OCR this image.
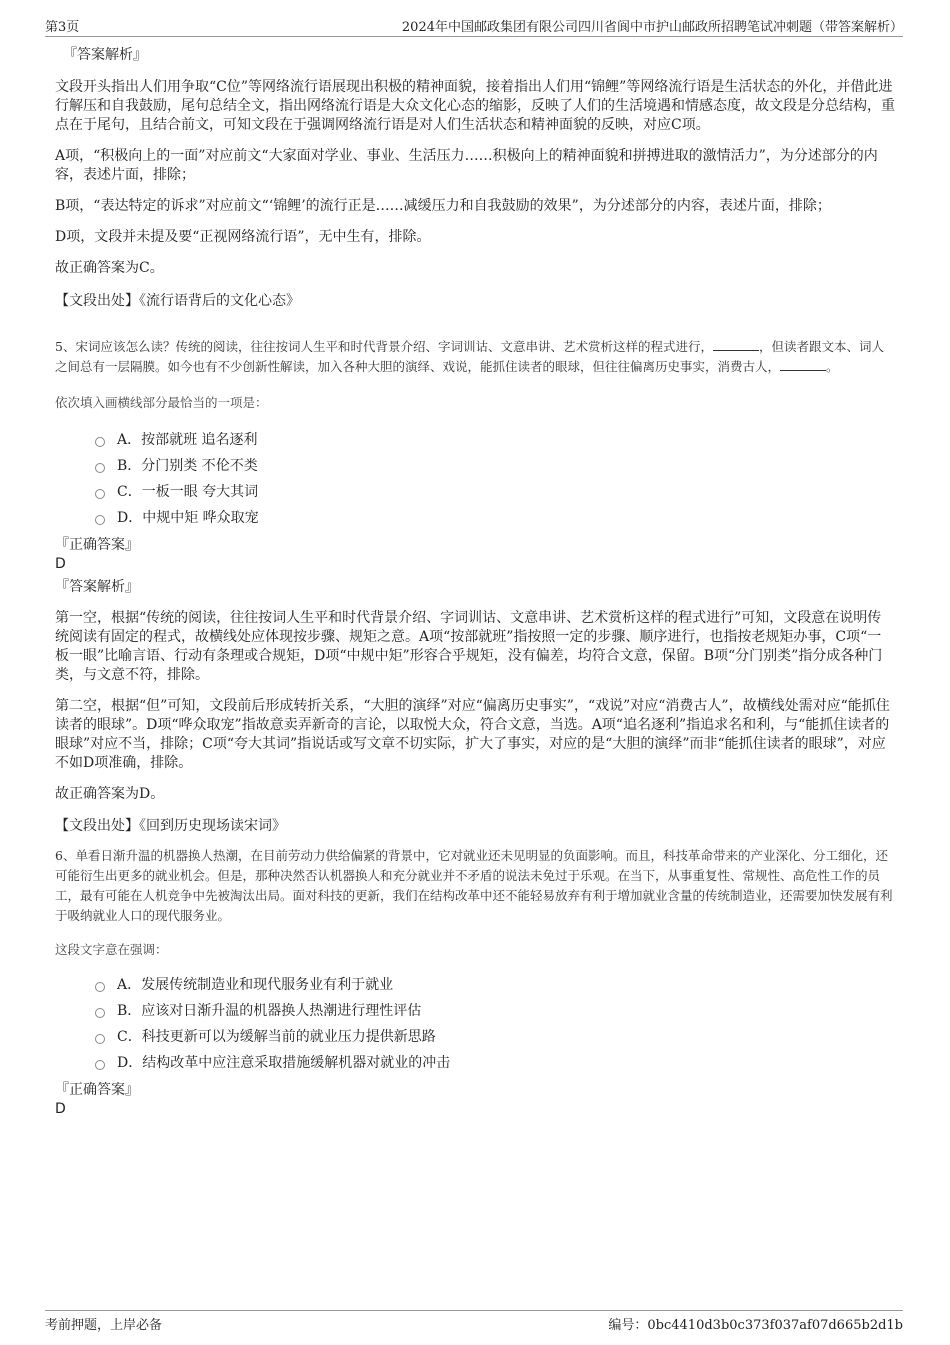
第3页	2024年中国邮政集团有限公司四川省阆中市护山邮政所招聘笔试冲刺题（带答案解析）
『答案解析』

文段开头指出人们用争取“C位”等网络流行语展现出积极的精神面貌，接着指出人们用“锦鲤”等网络流行语是生活状态的外化，并借此进行解压和自我鼓励，尾句总结全文，指出网络流行语是大众文化心态的缩影，反映了人们的生活境遇和情感态度，故文段是分总结构，重点在于尾句，且结合前文，可知文段在于强调网络流行语是对人们生活状态和精神面貌的反映，对应C项。

A项，“积极向上的一面”对应前文“大家面对学业、事业、生活压力……积极向上的精神面貌和拼搏进取的激情活力”，为分述部分的内容，表述片面，排除；

B项，“表达特定的诉求”对应前文“‘锦鲤’的流行正是……减缓压力和自我鼓励的效果”，为分述部分的内容，表述片面，排除；

D项，文段并未提及要“正视网络流行语”，无中生有，排除。

故正确答案为C。

【文段出处】《流行语背后的文化心态》

5、宋词应该怎么读？传统的阅读，往往按词人生平和时代背景介绍、字词训诂、文意串讲、艺术赏析这样的程式进行，	，但读者跟文本、词人之间总有一层隔膜。如今也有不少创新性解读，加入各种大胆的演绎、戏说，能抓住读者的眼球，但往往偏离历史事实，消费古人，	。

依次填入画横线部分最恰当的一项是：
A．按部就班 追名逐利
B．分门别类 不伦不类
C．一板一眼 夸大其词
D．中规中矩 哗众取宠
『正确答案』
D
『答案解析』

第一空，根据“传统的阅读，往往按词人生平和时代背景介绍、字词训诂、文意串讲、艺术赏析这样的程式进行”可知，文段意在说明传统阅读有固定的程式，故横线处应体现按步骤、规矩之意。A项“按部就班”指按照一定的步骤、顺序进行，也指按老规矩办事，C项“一板一眼”比喻言语、行动有条理或合规矩，D项“中规中矩”形容合乎规矩，没有偏差，均符合文意，保留。B项“分门别类”指分成各种门类，与文意不符，排除。

第二空，根据“但”可知，文段前后形成转折关系，“大胆的演绎”对应“偏离历史事实”，“戏说”对应“消费古人”，故横线处需对应“能抓住读者的眼球”。D项“哗众取宠”指故意卖弄新奇的言论，以取悦大众，符合文意，当选。A项“追名逐利”指追求名和利，与“能抓住读者的眼球”对应不当，排除；C项“夸大其词”指说话或写文章不切实际，扩大了事实，对应的是“大胆的演绎”而非“能抓住读者的眼球”，对应不如D项准确，排除。

故正确答案为D。

【文段出处】《回到历史现场读宋词》

6、单看日渐升温的机器换人热潮，在目前劳动力供给偏紧的背景中，它对就业还未见明显的负面影响。而且，科技革命带来的产业深化、分工细化，还可能衍生出更多的就业机会。但是，那种决然否认机器换人和充分就业并不矛盾的说法未免过于乐观。在当下，从事重复性、常规性、高危性工作的员工，最有可能在人机竞争中先被淘汰出局。面对科技的更新，我们在结构改革中还不能轻易放弃有利于增加就业含量的传统制造业，还需要加快发展有利于吸纳就业人口的现代服务业。

这段文字意在强调：
A．发展传统制造业和现代服务业有利于就业
B．应该对日渐升温的机器换人热潮进行理性评估
C．科技更新可以为缓解当前的就业压力提供新思路
D．结构改革中应注意采取措施缓解机器对就业的冲击
『正确答案』
D
考前押题，上岸必备	编号：0bc4410d3b0c373f037af07d665b2d1b
